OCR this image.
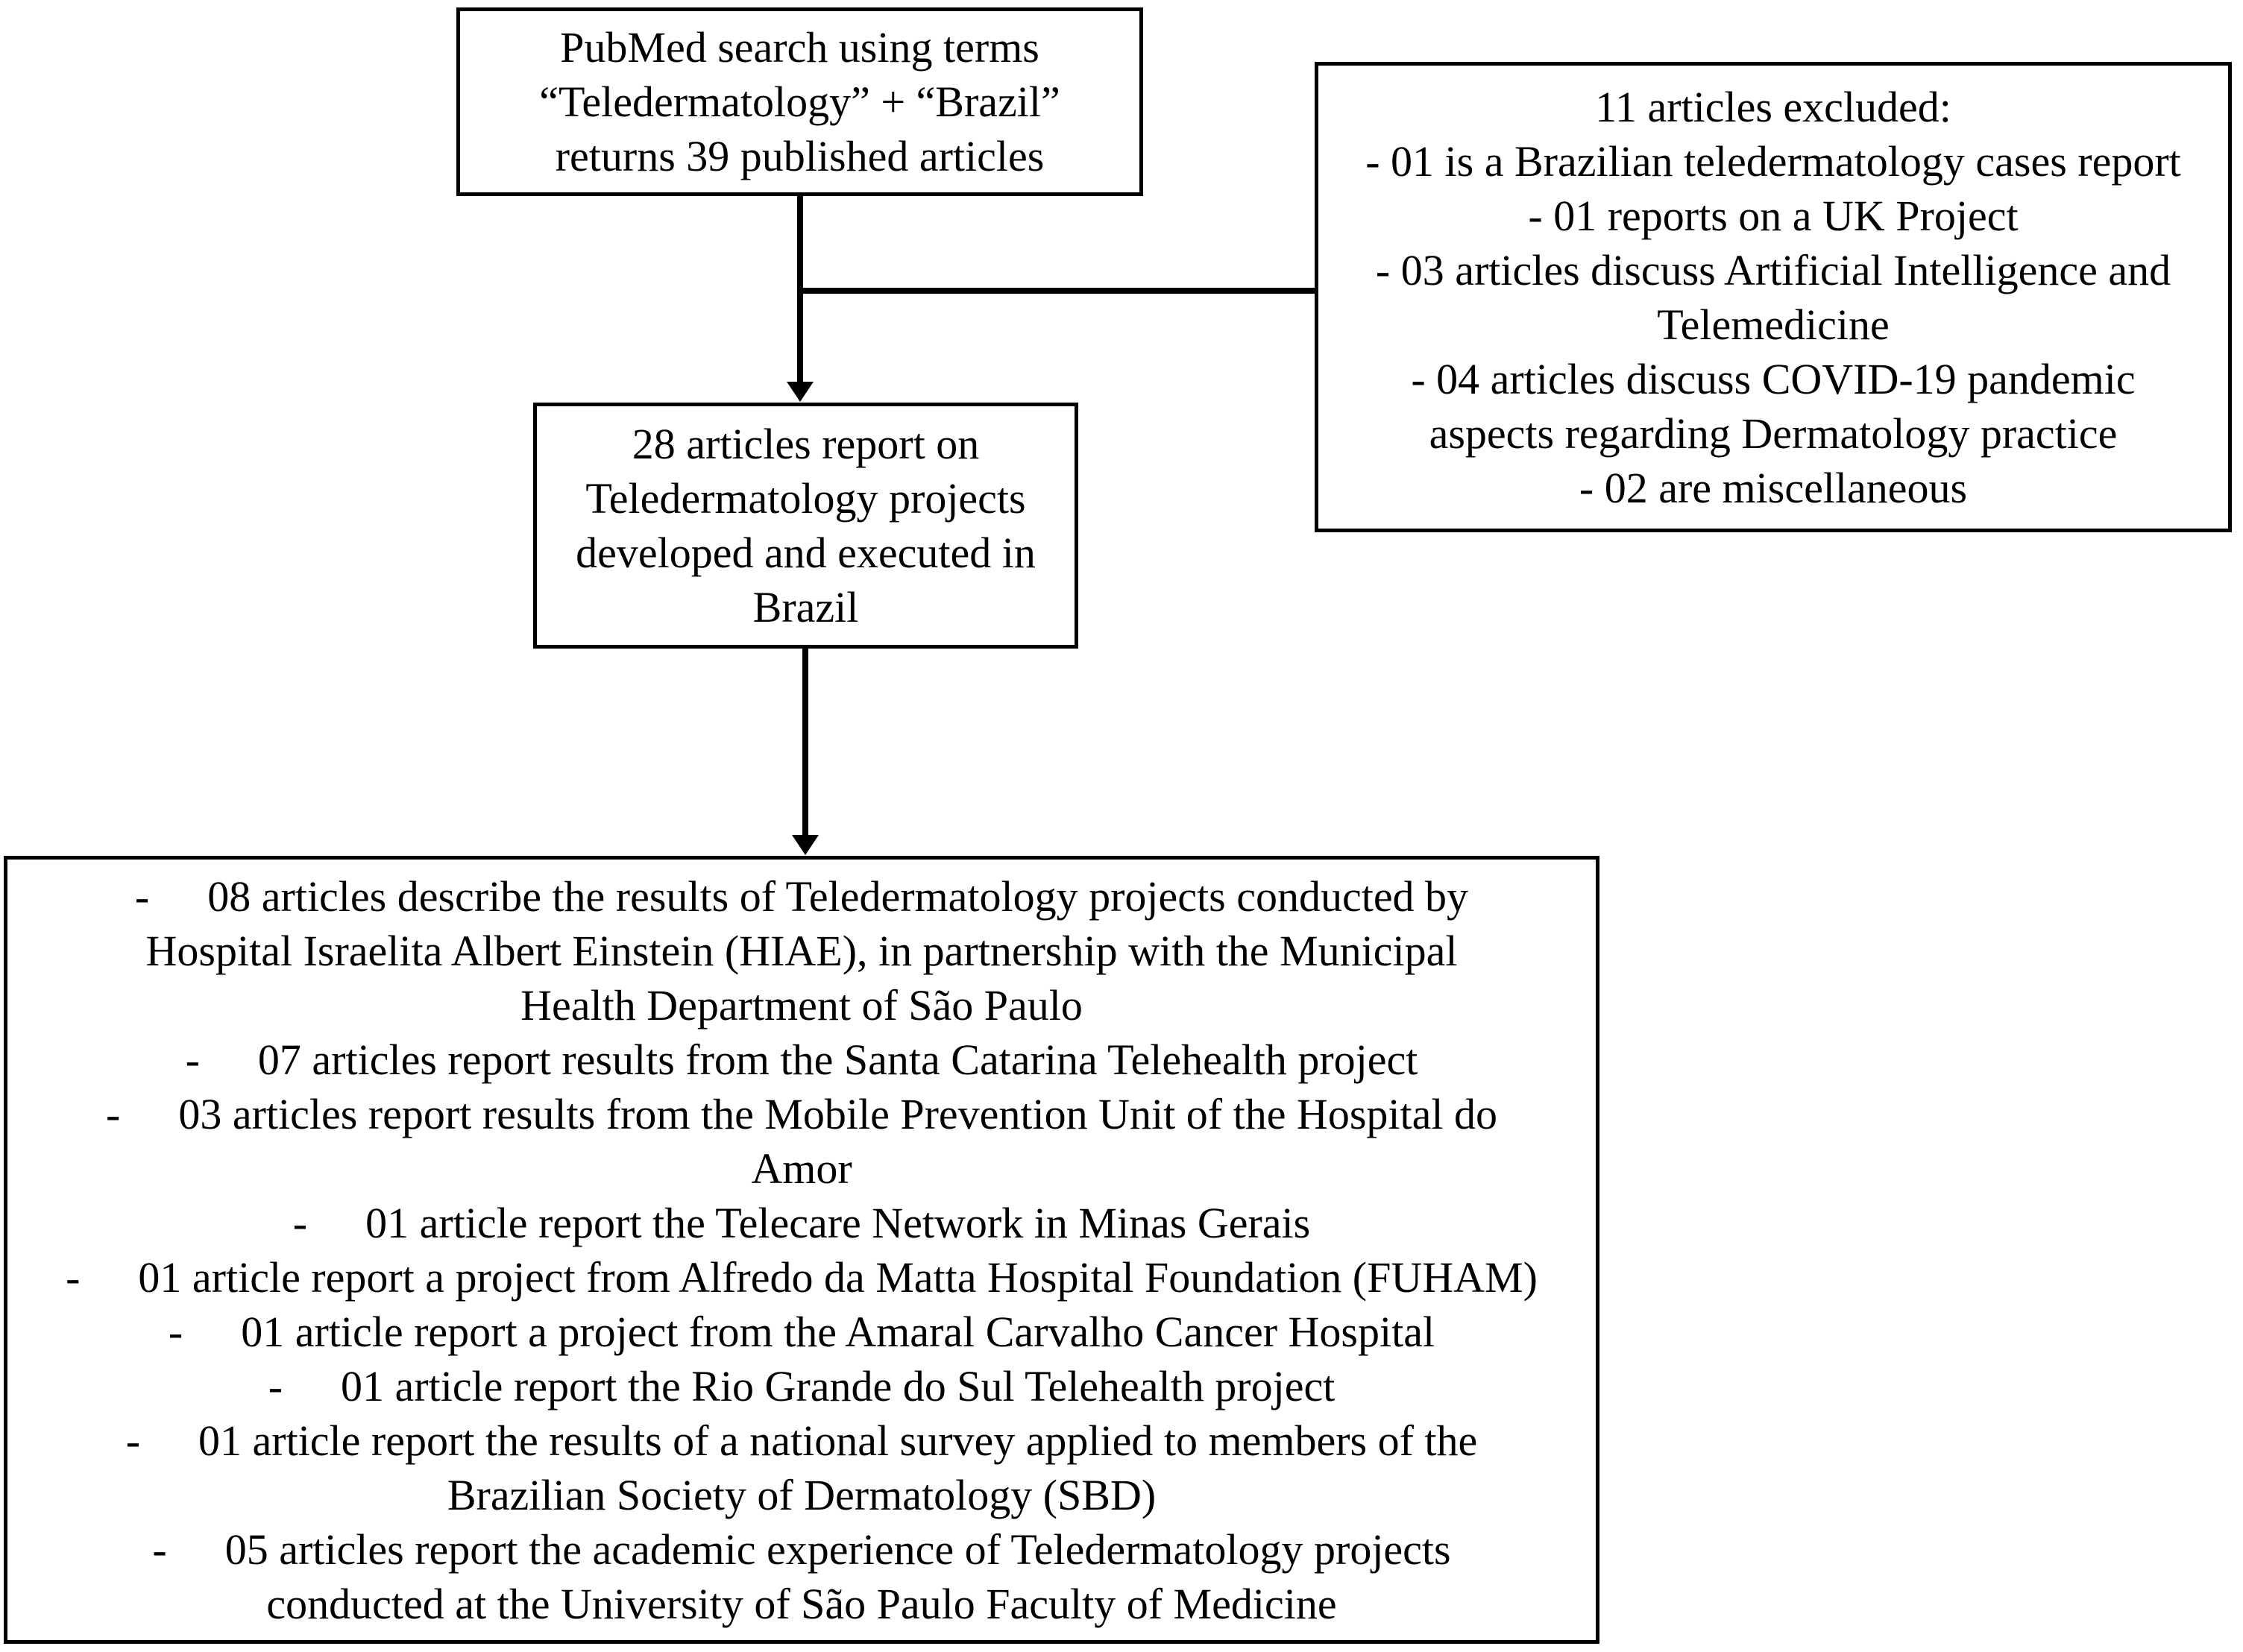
PubMed search using terms
“Teledermatology” + “Brazil”
returns 39 published articles
11 articles excluded:
- 01 is a Brazilian teledermatology cases report
- 01 reports on a UK Project
- 03 articles discuss Artificial Intelligence and
Telemedicine
- 04 articles discuss COVID-19 pandemic
aspects regarding Dermatology practice
- 02 are miscellaneous
28 articles report on
Teledermatology projects
developed and executed in
Brazil
- 08 articles describe the results of Teledermatology projects conducted by
Hospital Israelita Albert Einstein (HIAE), in partnership with the Municipal
Health Department of São Paulo
- 07 articles report results from the Santa Catarina Telehealth project
- 03 articles report results from the Mobile Prevention Unit of the Hospital do
Amor
- 01 article report the Telecare Network in Minas Gerais
- 01 article report a project from Alfredo da Matta Hospital Foundation (FUHAM)
- 01 article report a project from the Amaral Carvalho Cancer Hospital
- 01 article report the Rio Grande do Sul Telehealth project
- 01 article report the results of a national survey applied to members of the
Brazilian Society of Dermatology (SBD)
- 05 articles report the academic experience of Teledermatology projects
conducted at the University of São Paulo Faculty of Medicine
